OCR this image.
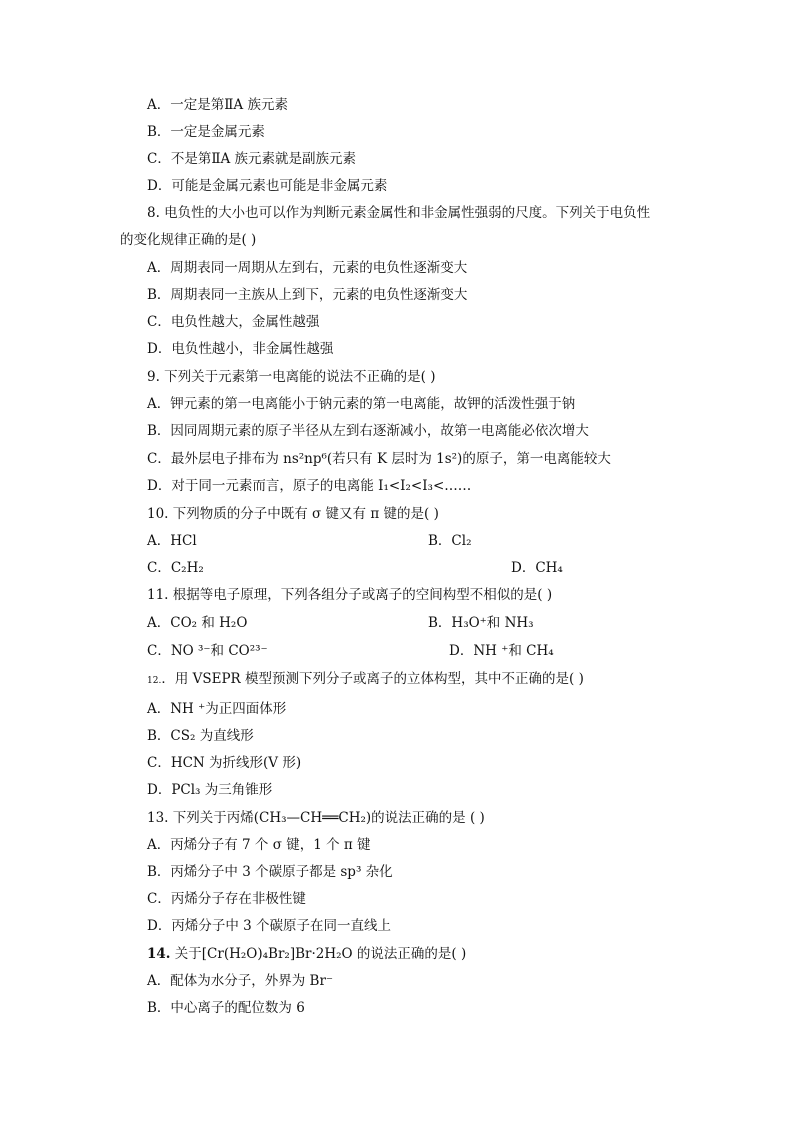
A．一定是第ⅡA 族元素
B．一定是金属元素
C．不是第ⅡA 族元素就是副族元素
D．可能是金属元素也可能是非金属元素
8. 电负性的大小也可以作为判断元素金属性和非金属性强弱的尺度。下列关于电负性
的变化规律正确的是( )
A．周期表同一周期从左到右，元素的电负性逐渐变大
B．周期表同一主族从上到下，元素的电负性逐渐变大
C．电负性越大，金属性越强
D．电负性越小，非金属性越强
9. 下列关于元素第一电离能的说法不正确的是( )
A．钾元素的第一电离能小于钠元素的第一电离能，故钾的活泼性强于钠
B．因同周期元素的原子半径从左到右逐渐减小，故第一电离能必依次增大
C．最外层电子排布为 ns²np⁶(若只有 K 层时为 1s²)的原子，第一电离能较大
D．对于同一元素而言，原子的电离能 I₁<I₂<I₃<……
10. 下列物质的分子中既有 σ 键又有 π 键的是( )
A．HCl	B．Cl₂
C．C₂H₂	D．CH₄
11. 根据等电子原理，下列各组分子或离子的空间构型不相似的是( )
A．CO₂ 和 H₂O	B．H₃O⁺和 NH₃
C．NO ³⁻和 CO²³⁻	D．NH ⁺和 CH₄
12.．用 VSEPR 模型预测下列分子或离子的立体构型，其中不正确的是( )
A．NH ⁺为正四面体形
B．CS₂ 为直线形
C．HCN 为折线形(V 形)
D．PCl₃ 为三角锥形
13. 下列关于丙烯(CH₃—CH══CH₂)的说法正确的是 ( )
A．丙烯分子有 7 个 σ 键，1 个 π 键
B．丙烯分子中 3 个碳原子都是 sp³ 杂化
C．丙烯分子存在非极性键
D．丙烯分子中 3 个碳原子在同一直线上
14. 关于[Cr(H₂O)₄Br₂]Br·2H₂O 的说法正确的是( )
A．配体为水分子，外界为 Br⁻
B．中心离子的配位数为 6
